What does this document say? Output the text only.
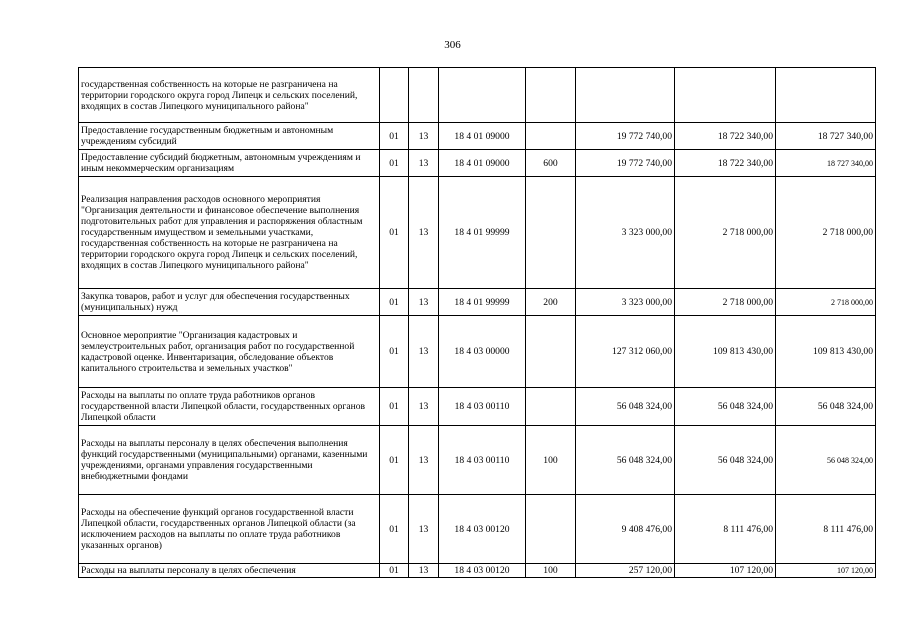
306
государственная собственность на которые не разграничена на территории городского округа город Липецк и сельских поселений, входящих в состав Липецкого муниципального района"							
Предоставление государственным бюджетным и автономным учреждениям субсидий	01	13	18 4 01 09000		19 772 740,00	18 722 340,00	18 727 340,00
Предоставление субсидий бюджетным, автономным учреждениям и иным некоммерческим организациям	01	13	18 4 01 09000	600	19 772 740,00	18 722 340,00	18 727 340,00
Реализация направления расходов основного мероприятия "Организация деятельности и финансовое обеспечение выполнения подготовительных работ для управления и распоряжения областным государственным имуществом и земельными участками, государственная собственность на которые не разграничена на территории городского округа город Липецк и сельских поселений, входящих в состав Липецкого муниципального района"	01	13	18 4 01 99999		3 323 000,00	2 718 000,00	2 718 000,00
Закупка товаров, работ и услуг для обеспечения государственных (муниципальных) нужд	01	13	18 4 01 99999	200	3 323 000,00	2 718 000,00	2 718 000,00
Основное мероприятие "Организация кадастровых и землеустроительных работ, организация работ по государственной кадастровой оценке. Инвентаризация, обследование объектов капитального строительства и земельных участков"	01	13	18 4 03 00000		127 312 060,00	109 813 430,00	109 813 430,00
Расходы на выплаты по оплате труда работников органов государственной власти Липецкой области, государственных органов Липецкой области	01	13	18 4 03 00110		56 048 324,00	56 048 324,00	56 048 324,00
Расходы на выплаты персоналу в целях обеспечения выполнения функций государственными (муниципальными) органами, казенными учреждениями, органами управления государственными внебюджетными фондами	01	13	18 4 03 00110	100	56 048 324,00	56 048 324,00	56 048 324,00
Расходы на обеспечение функций органов государственной власти Липецкой области, государственных органов Липецкой области (за исключением расходов на выплаты по оплате труда работников указанных органов)	01	13	18 4 03 00120		9 408 476,00	8 111 476,00	8 111 476,00
Расходы на выплаты персоналу в целях обеспечения	01	13	18 4 03 00120	100	257 120,00	107 120,00	107 120,00
